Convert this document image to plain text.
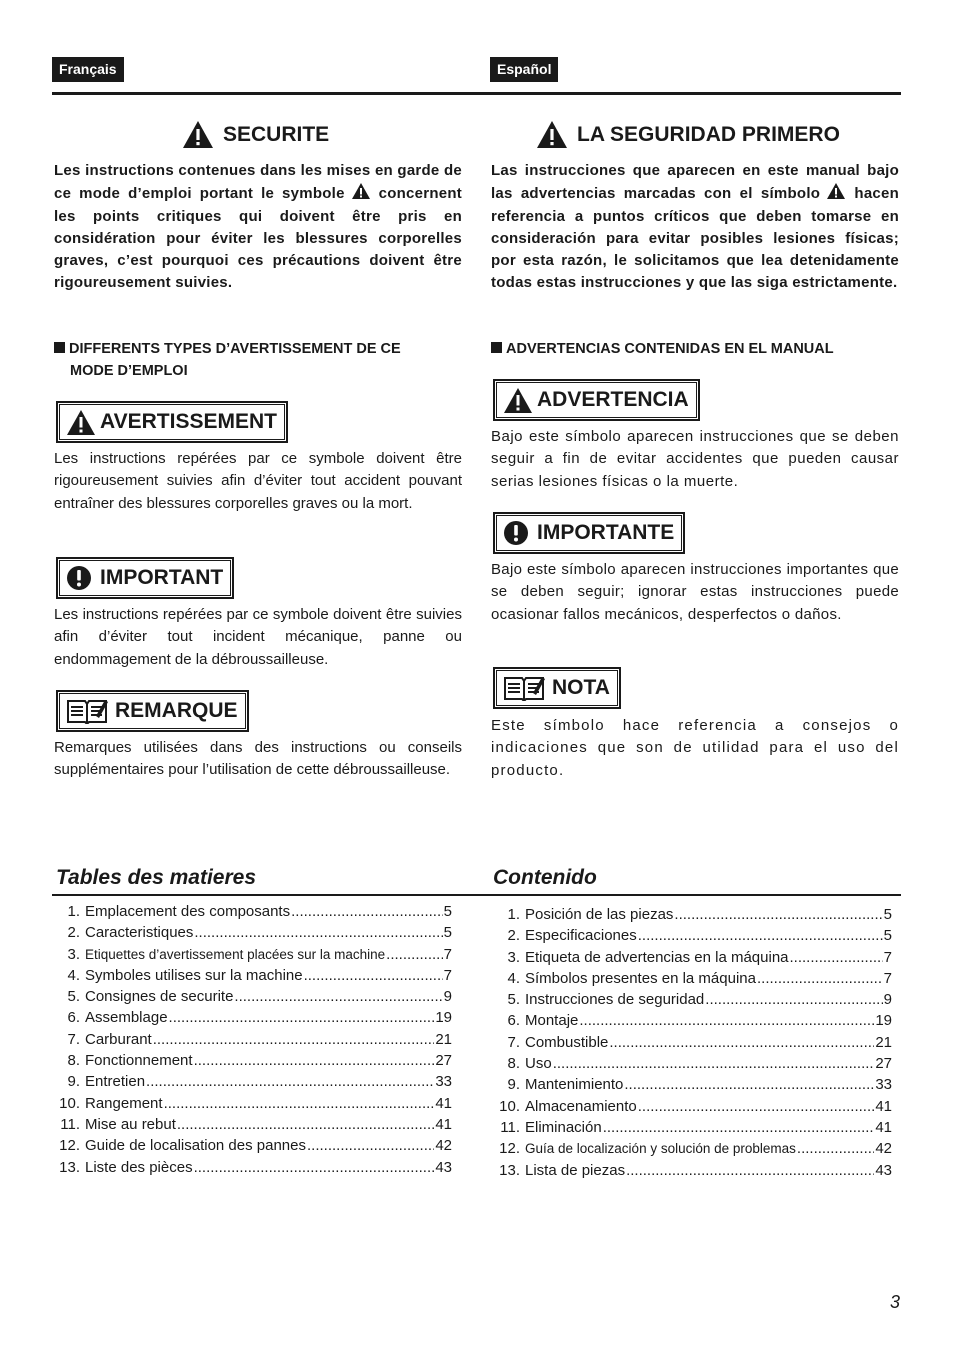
Français	Español
SECURITE
Les instructions contenues dans les mises en garde de ce mode d’emploi portant le symbole concernent les points critiques qui doivent être pris en considération pour éviter les blessures corporelles graves, c’est pourquoi ces précautions doivent être rigoureusement suivies.
DIFFERENTS TYPES D’AVERTISSEMENT DE CE
MODE D’EMPLOI
AVERTISSEMENT
Les instructions repérées par ce symbole doivent être rigoureusement suivies afin d’éviter tout accident pouvant entraîner des blessures corporelles graves ou la mort.
IMPORTANT
Les instructions repérées par ce symbole doivent être suivies afin d’éviter tout incident mécanique, panne ou endommagement de la débroussailleuse.
REMARQUE
Remarques utilisées dans des instructions ou conseils supplémentaires pour l’utilisation de cette débroussailleuse.
LA SEGURIDAD PRIMERO
Las instrucciones que aparecen en este manual bajo las advertencias marcadas con el símbolo hacen referencia a puntos críticos que deben tomarse en consideración para evitar posibles lesiones físicas; por esta razón, le solicitamos que lea detenidamente todas estas instrucciones y que las siga estrictamente.
ADVERTENCIAS CONTENIDAS EN EL MANUAL
ADVERTENCIA
Bajo este símbolo aparecen instrucciones que se deben seguir a fin de evitar accidentes que pueden causar serias lesiones físicas o la muerte.
IMPORTANTE
Bajo este símbolo aparecen instrucciones importantes que se deben seguir; ignorar estas instrucciones puede ocasionar fallos mecánicos, desperfectos o daños.
NOTA
Este símbolo hace referencia a consejos o indicaciones que son de utilidad para el uso del producto.
Tables des matieres	Contenido
1. Emplacement des composants .....	5
2. Caracteristiques .....	5
3. Etiquettes d’avertissement placées sur la machine .....	7
4. Symboles utilises sur la machine .....	7
5. Consignes de securite .....	9
6. Assemblage .....	19
7. Carburant .....	21
8. Fonctionnement .....	27
9. Entretien .....	33
10. Rangement .....	41
11. Mise au rebut .....	41
12. Guide de localisation des pannes .....	42
13. Liste des pièces .....	43
1. Posición de las piezas .....	5
2. Especificaciones .....	5
3. Etiqueta de advertencias en la máquina .....	7
4. Símbolos presentes en la máquina .....	7
5. Instrucciones de seguridad .....	9
6. Montaje .....	19
7. Combustible .....	21
8. Uso .....	27
9. Mantenimiento .....	33
10. Almacenamiento .....	41
11. Eliminación .....	41
12. Guía de localización y solución de problemas .....	42
13. Lista de piezas .....	43
3
